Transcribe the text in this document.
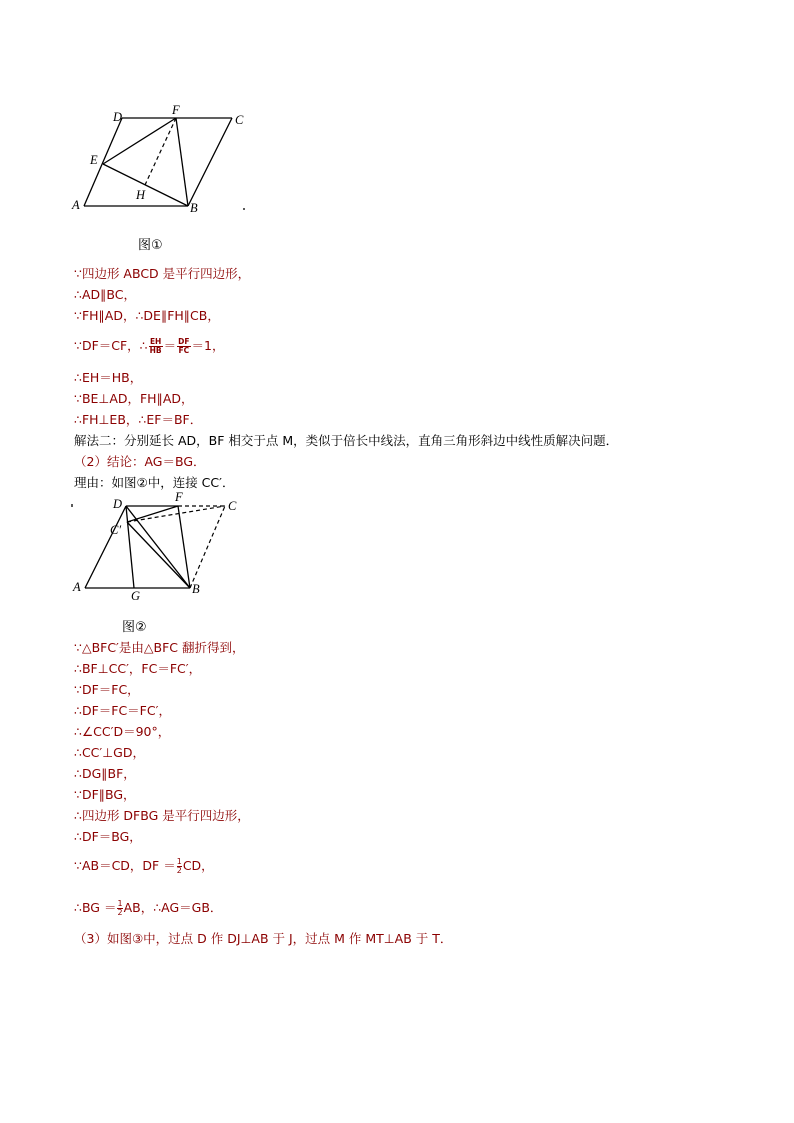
D	F
C
E
H
A	B
图①
∵四边形 ABCD 是平行四边形，
∴AD∥BC，
∵FH∥AD，∴DE∥FH∥CB，
∵DF＝CF，∴ $\frac{EH}{HB} = \frac{DF}{FC} =1$，
∴EH＝HB，
∵BE⊥AD，FH∥AD，
∴FH⊥EB，∴EF＝BF．
解法二：分别延长 AD，BF 相交于点 M，类似于倍长中线法，直角三角形斜边中线性质解决问题．
（2）结论：AG＝BG．
理由：如图②中，连接 CC′．
D	F
C
C′
A
G	B
图②
∵△BFC′是由△BFC 翻折得到，
∴BF⊥CC′，FC＝FC′，
∵DF＝FC，
∴DF＝FC＝FC′，
∴∠CC′D＝90°，
∴CC′⊥GD，
∴DG∥BF，
∵DF∥BG，
∴四边形 DFBG 是平行四边形，
∴DF＝BG，
∵AB＝CD，DF ＝ $\frac{1}{2}$ CD，
∴BG ＝ $\frac{1}{2}$ AB，∴AG＝GB．
（3）如图③中，过点 D 作 DJ⊥AB 于 J，过点 M 作 MT⊥AB 于 T．
